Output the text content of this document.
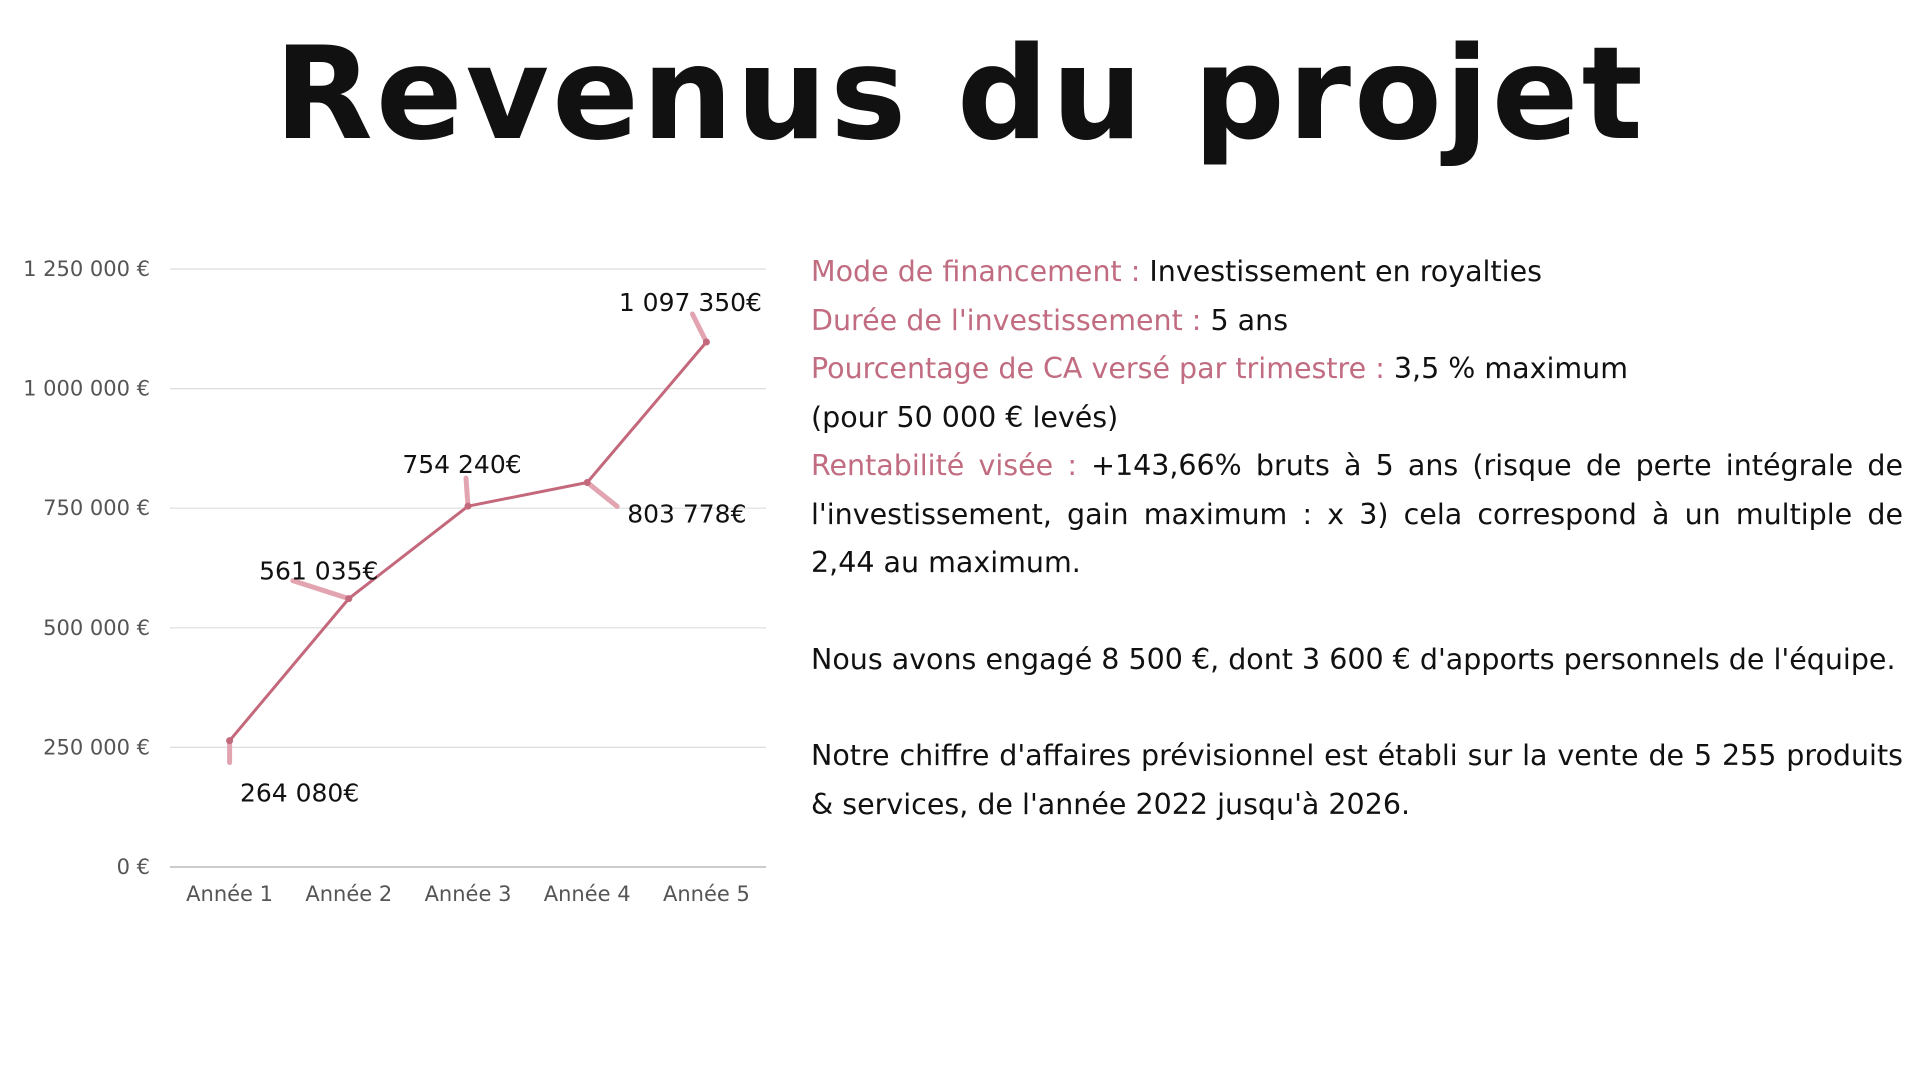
Revenus du projet
0 €
250 000 €
500 000 €
750 000 €
1 000 000 €
1 250 000 €
Année 1 Année 2 Année 3 Année 4 Année 5
264 080€
561 035€
754 240€
803 778€
1 097 350€

Mode de financement : Investissement en royalties

Durée de l'investissement : 5 ans

Pourcentage de CA versé par trimestre : 3,5 % maximum

(pour 50 000 € levés)

Rentabilité visée : +143,66% bruts à 5 ans (risque de perte intégrale de l'investissement, gain maximum : x 3) cela correspond à un multiple de 2,44 au maximum.

Nous avons engagé 8 500 €, dont 3 600 € d'apports personnels de l'équipe.

Notre chiffre d'affaires prévisionnel est établi sur la vente de 5 255 produits & services, de l'année 2022 jusqu'à 2026.
